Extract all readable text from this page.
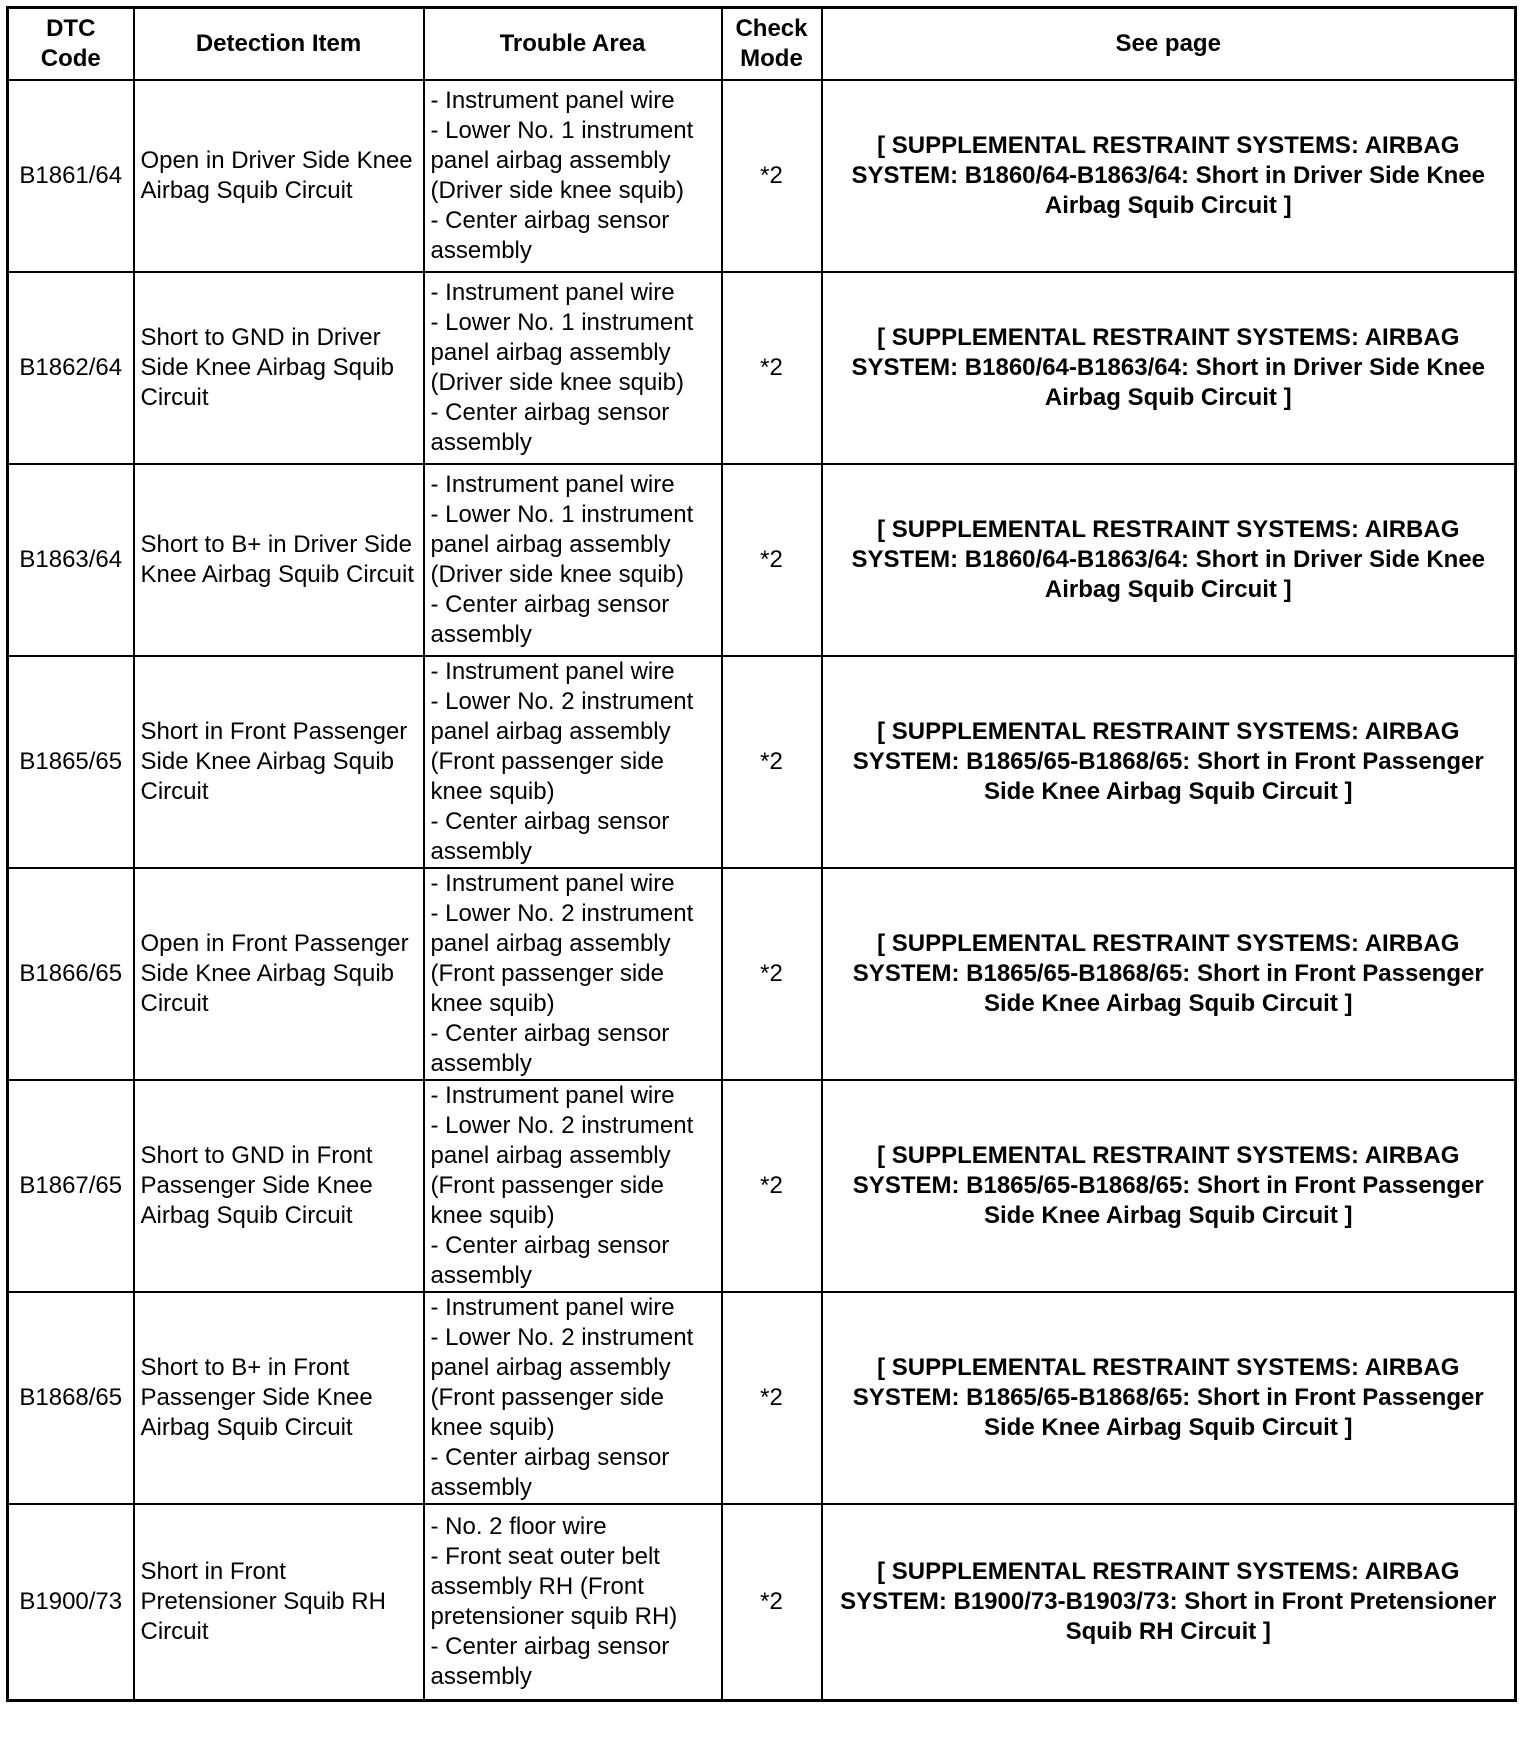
DTC
Code	Detection Item	Trouble Area	Check
Mode	See page
B1861/64	Open in Driver Side Knee Airbag Squib Circuit	- Instrument panel wire
- Lower No. 1 instrument panel airbag assembly (Driver side knee squib)
- Center airbag sensor assembly	*2	[ SUPPLEMENTAL RESTRAINT SYSTEMS: AIRBAG SYSTEM: B1860/64-B1863/64: Short in Driver Side Knee Airbag Squib Circuit ]
B1862/64	Short to GND in Driver Side Knee Airbag Squib Circuit	- Instrument panel wire
- Lower No. 1 instrument panel airbag assembly (Driver side knee squib)
- Center airbag sensor assembly	*2	[ SUPPLEMENTAL RESTRAINT SYSTEMS: AIRBAG SYSTEM: B1860/64-B1863/64: Short in Driver Side Knee Airbag Squib Circuit ]
B1863/64	Short to B+ in Driver Side Knee Airbag Squib Circuit	- Instrument panel wire
- Lower No. 1 instrument panel airbag assembly (Driver side knee squib)
- Center airbag sensor assembly	*2	[ SUPPLEMENTAL RESTRAINT SYSTEMS: AIRBAG SYSTEM: B1860/64-B1863/64: Short in Driver Side Knee Airbag Squib Circuit ]
B1865/65	Short in Front Passenger Side Knee Airbag Squib Circuit	- Instrument panel wire
- Lower No. 2 instrument panel airbag assembly (Front passenger side knee squib)
- Center airbag sensor assembly	*2	[ SUPPLEMENTAL RESTRAINT SYSTEMS: AIRBAG SYSTEM: B1865/65-B1868/65: Short in Front Passenger Side Knee Airbag Squib Circuit ]
B1866/65	Open in Front Passenger Side Knee Airbag Squib Circuit	- Instrument panel wire
- Lower No. 2 instrument panel airbag assembly (Front passenger side knee squib)
- Center airbag sensor assembly	*2	[ SUPPLEMENTAL RESTRAINT SYSTEMS: AIRBAG SYSTEM: B1865/65-B1868/65: Short in Front Passenger Side Knee Airbag Squib Circuit ]
B1867/65	Short to GND in Front Passenger Side Knee Airbag Squib Circuit	- Instrument panel wire
- Lower No. 2 instrument panel airbag assembly (Front passenger side knee squib)
- Center airbag sensor assembly	*2	[ SUPPLEMENTAL RESTRAINT SYSTEMS: AIRBAG SYSTEM: B1865/65-B1868/65: Short in Front Passenger Side Knee Airbag Squib Circuit ]
B1868/65	Short to B+ in Front Passenger Side Knee Airbag Squib Circuit	- Instrument panel wire
- Lower No. 2 instrument panel airbag assembly (Front passenger side knee squib)
- Center airbag sensor assembly	*2	[ SUPPLEMENTAL RESTRAINT SYSTEMS: AIRBAG SYSTEM: B1865/65-B1868/65: Short in Front Passenger Side Knee Airbag Squib Circuit ]
B1900/73	Short in Front Pretensioner Squib RH Circuit	- No. 2 floor wire
- Front seat outer belt assembly RH (Front pretensioner squib RH)
- Center airbag sensor assembly	*2	[ SUPPLEMENTAL RESTRAINT SYSTEMS: AIRBAG SYSTEM: B1900/73-B1903/73: Short in Front Pretensioner Squib RH Circuit ]
